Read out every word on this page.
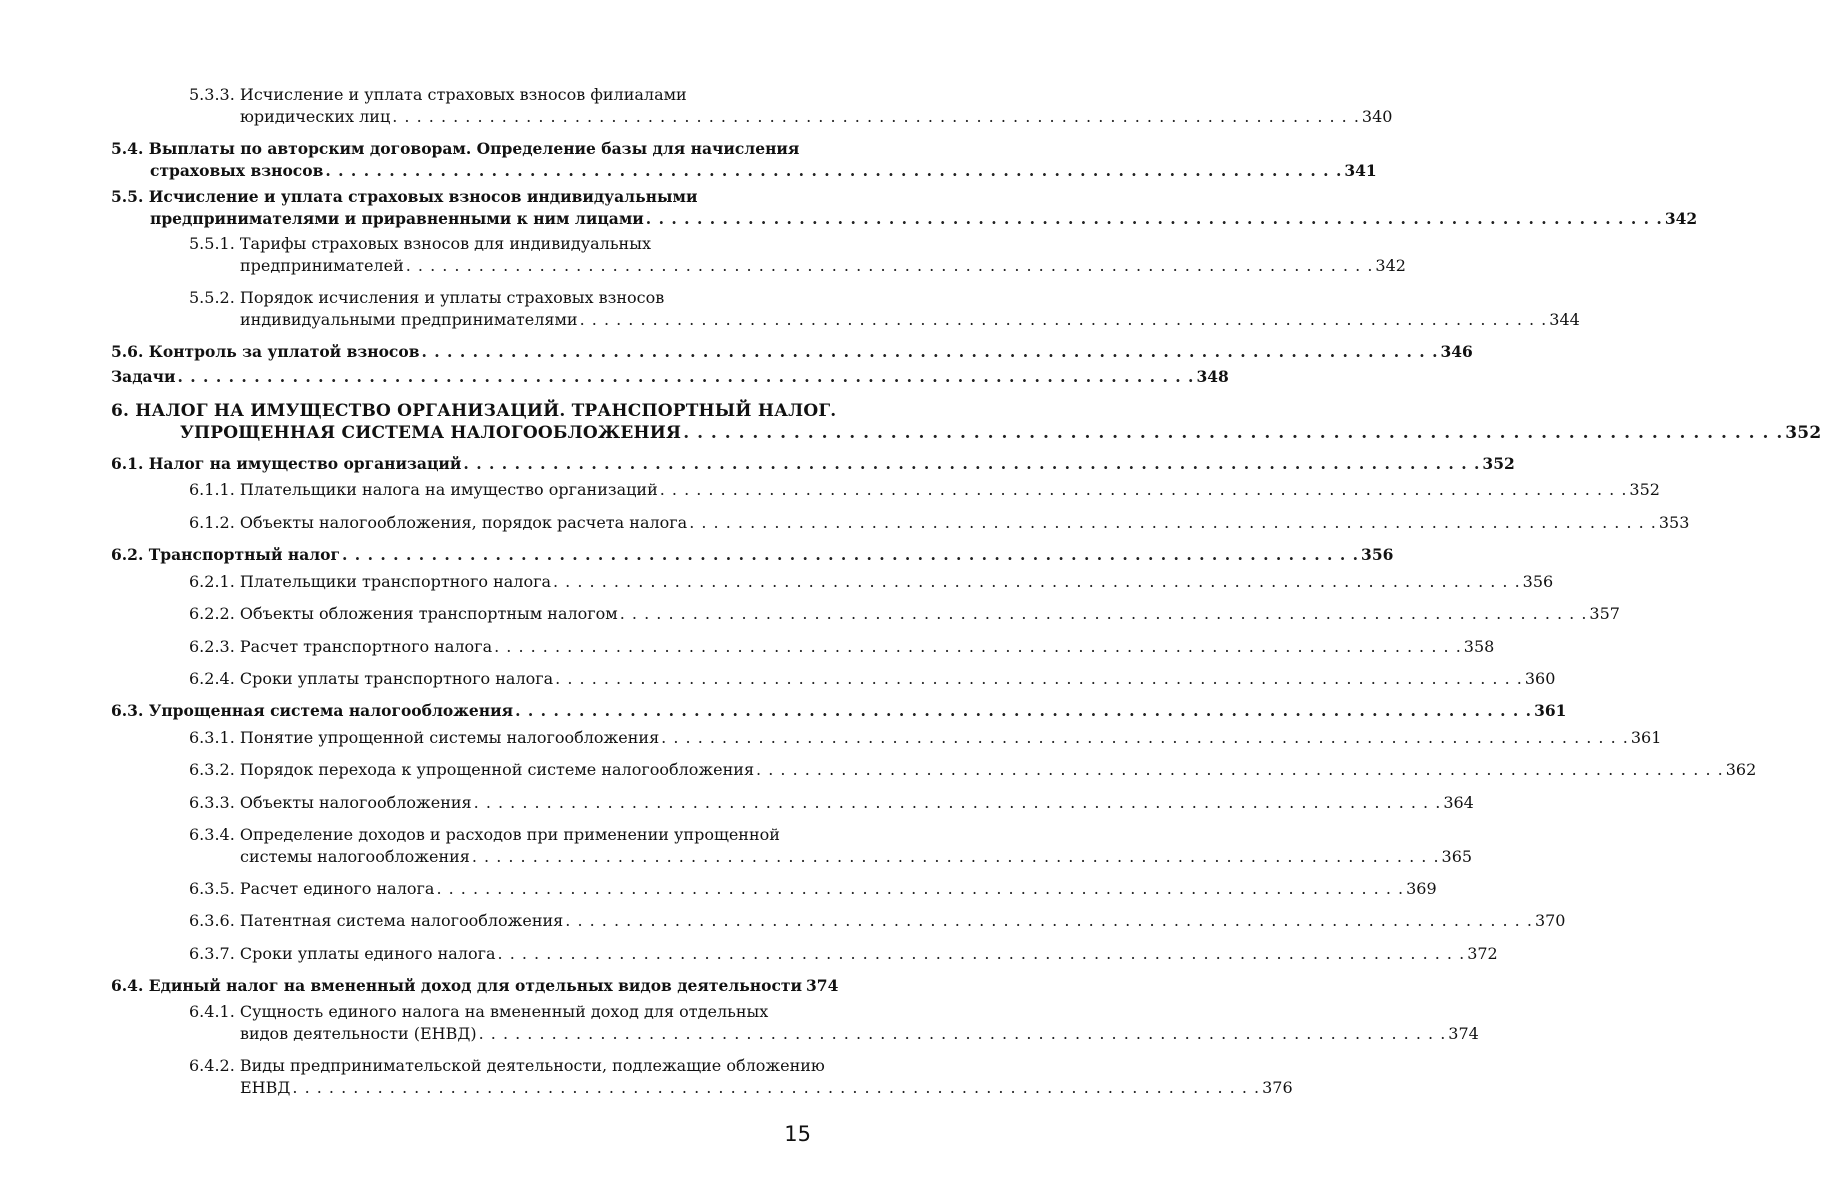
5.3.3. Исчисление и уплата страховых взносов филиалами
юридических лиц . . . . . . . . . . . . . . . . . . . . . . . . . . . . . . . . . . . . . . . . . . . . . . . . . . . . . . . . . . . . . . . . . . . . . . . . . . . . . . . . 340
5.4. Выплаты по авторским договорам. Определение базы для начисления
страховых взносов . . . . . . . . . . . . . . . . . . . . . . . . . . . . . . . . . . . . . . . . . . . . . . . . . . . . . . . . . . . . . . . . . . . . . . . . . . . . . . . . 341
5.5. Исчисление и уплата страховых взносов индивидуальными
предпринимателями и приравненными к ним лицами . . . . . . . . . . . . . . . . . . . . . . . . . . . . . . . . . . . . . . . . . . . . . . . . . . . . . . . . . . . . . . . . . . . . . . . . . . . . . . . . 342
5.5.1. Тарифы страховых взносов для индивидуальных
предпринимателей . . . . . . . . . . . . . . . . . . . . . . . . . . . . . . . . . . . . . . . . . . . . . . . . . . . . . . . . . . . . . . . . . . . . . . . . . . . . . . . . 342
5.5.2. Порядок исчисления и уплаты страховых взносов
индивидуальными предпринимателями . . . . . . . . . . . . . . . . . . . . . . . . . . . . . . . . . . . . . . . . . . . . . . . . . . . . . . . . . . . . . . . . . . . . . . . . . . . . . . . . 344
5.6. Контроль за уплатой взносов . . . . . . . . . . . . . . . . . . . . . . . . . . . . . . . . . . . . . . . . . . . . . . . . . . . . . . . . . . . . . . . . . . . . . . . . . . . . . . . . 346
Задачи . . . . . . . . . . . . . . . . . . . . . . . . . . . . . . . . . . . . . . . . . . . . . . . . . . . . . . . . . . . . . . . . . . . . . . . . . . . . . . . . 348
6. НАЛОГ НА ИМУЩЕСТВО ОРГАНИЗАЦИЙ. ТРАНСПОРТНЫЙ НАЛОГ.
УПРОЩЕННАЯ СИСТЕМА НАЛОГООБЛОЖЕНИЯ . . . . . . . . . . . . . . . . . . . . . . . . . . . . . . . . . . . . . . . . . . . . . . . . . . . . . . . . . . . . . . . . . . . . . . . . . . . . . . . . 352
6.1. Налог на имущество организаций . . . . . . . . . . . . . . . . . . . . . . . . . . . . . . . . . . . . . . . . . . . . . . . . . . . . . . . . . . . . . . . . . . . . . . . . . . . . . . . . 352
6.1.1. Плательщики налога на имущество организаций . . . . . . . . . . . . . . . . . . . . . . . . . . . . . . . . . . . . . . . . . . . . . . . . . . . . . . . . . . . . . . . . . . . . . . . . . . . . . . . . 352
6.1.2. Объекты налогообложения, порядок расчета налога . . . . . . . . . . . . . . . . . . . . . . . . . . . . . . . . . . . . . . . . . . . . . . . . . . . . . . . . . . . . . . . . . . . . . . . . . . . . . . . . 353
6.2. Транспортный налог . . . . . . . . . . . . . . . . . . . . . . . . . . . . . . . . . . . . . . . . . . . . . . . . . . . . . . . . . . . . . . . . . . . . . . . . . . . . . . . . 356
6.2.1. Плательщики транспортного налога . . . . . . . . . . . . . . . . . . . . . . . . . . . . . . . . . . . . . . . . . . . . . . . . . . . . . . . . . . . . . . . . . . . . . . . . . . . . . . . . 356
6.2.2. Объекты обложения транспортным налогом . . . . . . . . . . . . . . . . . . . . . . . . . . . . . . . . . . . . . . . . . . . . . . . . . . . . . . . . . . . . . . . . . . . . . . . . . . . . . . . . 357
6.2.3. Расчет транспортного налога . . . . . . . . . . . . . . . . . . . . . . . . . . . . . . . . . . . . . . . . . . . . . . . . . . . . . . . . . . . . . . . . . . . . . . . . . . . . . . . . 358
6.2.4. Сроки уплаты транспортного налога . . . . . . . . . . . . . . . . . . . . . . . . . . . . . . . . . . . . . . . . . . . . . . . . . . . . . . . . . . . . . . . . . . . . . . . . . . . . . . . . 360
6.3. Упрощенная система налогообложения . . . . . . . . . . . . . . . . . . . . . . . . . . . . . . . . . . . . . . . . . . . . . . . . . . . . . . . . . . . . . . . . . . . . . . . . . . . . . . . . 361
6.3.1. Понятие упрощенной системы налогообложения . . . . . . . . . . . . . . . . . . . . . . . . . . . . . . . . . . . . . . . . . . . . . . . . . . . . . . . . . . . . . . . . . . . . . . . . . . . . . . . . 361
6.3.2. Порядок перехода к упрощенной системе налогообложения . . . . . . . . . . . . . . . . . . . . . . . . . . . . . . . . . . . . . . . . . . . . . . . . . . . . . . . . . . . . . . . . . . . . . . . . . . . . . . . . 362
6.3.3. Объекты налогообложения . . . . . . . . . . . . . . . . . . . . . . . . . . . . . . . . . . . . . . . . . . . . . . . . . . . . . . . . . . . . . . . . . . . . . . . . . . . . . . . . 364
6.3.4. Определение доходов и расходов при применении упрощенной
системы налогообложения . . . . . . . . . . . . . . . . . . . . . . . . . . . . . . . . . . . . . . . . . . . . . . . . . . . . . . . . . . . . . . . . . . . . . . . . . . . . . . . . 365
6.3.5. Расчет единого налога . . . . . . . . . . . . . . . . . . . . . . . . . . . . . . . . . . . . . . . . . . . . . . . . . . . . . . . . . . . . . . . . . . . . . . . . . . . . . . . . 369
6.3.6. Патентная система налогообложения . . . . . . . . . . . . . . . . . . . . . . . . . . . . . . . . . . . . . . . . . . . . . . . . . . . . . . . . . . . . . . . . . . . . . . . . . . . . . . . . 370
6.3.7. Сроки уплаты единого налога . . . . . . . . . . . . . . . . . . . . . . . . . . . . . . . . . . . . . . . . . . . . . . . . . . . . . . . . . . . . . . . . . . . . . . . . . . . . . . . . 372
6.4. Единый налог на вмененный доход для отдельных видов деятельности 374
6.4.1. Сущность единого налога на вмененный доход для отдельных
видов деятельности (ЕНВД) . . . . . . . . . . . . . . . . . . . . . . . . . . . . . . . . . . . . . . . . . . . . . . . . . . . . . . . . . . . . . . . . . . . . . . . . . . . . . . . . 374
6.4.2. Виды предпринимательской деятельности, подлежащие обложению
ЕНВД . . . . . . . . . . . . . . . . . . . . . . . . . . . . . . . . . . . . . . . . . . . . . . . . . . . . . . . . . . . . . . . . . . . . . . . . . . . . . . . . 376
15
